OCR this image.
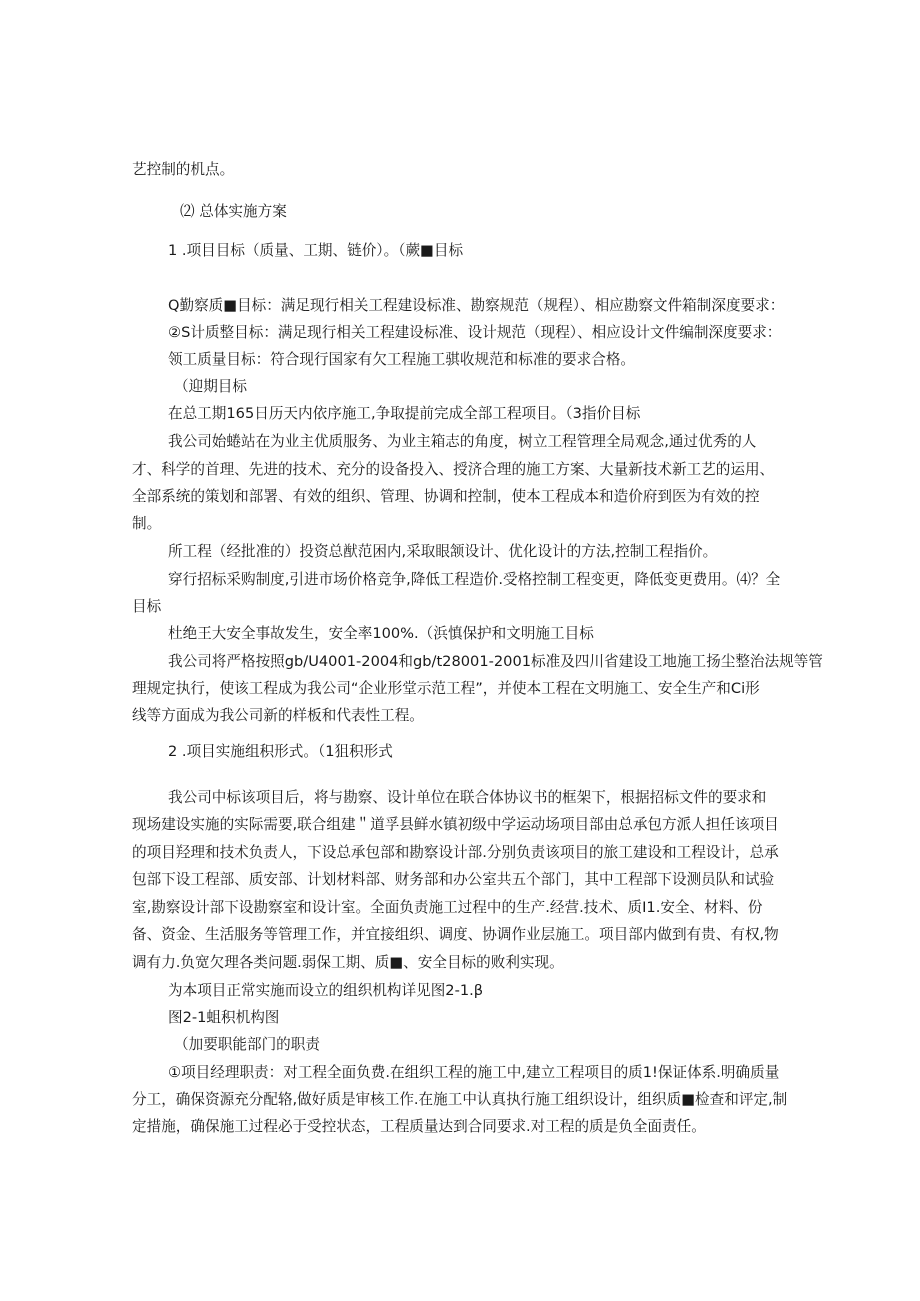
艺控制的机点。
⑵ 总体实施方案
1 .项目目标（质量、工期、链价）。（蕨■目标
Q勤察质■目标：满足现行相关工程建设标准、勘察规范（规程）、相应勘察文件箱制深度要求：
②S计质整目标：满足现行相关工程建设标准、设计规范（现程）、相应设计文件编制深度要求：
领工质量目标：符合现行国家有欠工程施工骐收规范和标准的要求合格。
（迎期目标
在总工期165日历天内依序施工,争取提前完成全部工程项目。（3指价目标
我公司始蜷站在为业主优质服务、为业主箱志的角度，树立工程管理全局观念,通过优秀的人
才、科学的首理、先进的技术、充分的设备投入、授济合理的施工方案、大量新技术新工艺的运用、
全部系统的策划和部署、有效的组织、管理、协调和控制，使本工程成本和造价府到医为有效的控
制。
所工程（经批准的）投资总猷范困内,采取眼颔设计、优化设计的方法,控制工程指价。
穿行招标采购制度,引进市场价格竞争,降低工程造价.受格控制工程变更，降低变更费用。⑷？全
目标
杜绝王大安全事故发生，安全率100%.（浜慎保护和文明施工目标
我公司将严格按照gb∕U4001-2004和gb∕t28001-2001标准及四川省建设工地施工扬尘整治法规等管
理规定执行，使该工程成为我公司“企业形堂示范工程”，并使本工程在文明施工、安全生产和Ci形
线等方面成为我公司新的样板和代表性工程。
2 .项目实施组积形式。（1狙积形式
我公司中标该项目后，将与勘察、设计单位在联合体协议书的框架下，根据招标文件的要求和
现场建设实施的实际需要,联合组建＂道孚县鲜水镇初级中学运动场项目部由总承包方派人担任该项目
的项目羟理和技术负责人，下设总承包部和勘察设计部.分别负责该项目的旅工建设和工程设计，总承
包部下设工程部、质安部、计划材料部、财务部和办公室共五个部门，其中工程部下设测员队和试验
室,勘察设计部下设勘察室和设计室。全面负责施工过程中的生产.经营.技术、质I1.安全、材料、份
备、资金、生活服务等管理工作，并宜接组织、调度、协调作业层施工。项目部内做到有贵、有权,物
调有力.负宽欠理各类问题.弱保工期、质■、安全目标的败利实现。
为本项目正常实施而设立的组织机构详见图2-1.β
图2-1蛆积机构图
（加要职能部门的职责
①项目经理职责：对工程全面负费.在组织工程的施工中,建立工程项目的质1!保证体系.明确质量
分工，确保资源充分配辂,做好质是审核工作.在施工中认真执行施工组织设计，组织质■检查和评定,制
定措施，确保施工过程必于受控状态，工程质量达到合同要求.对工程的质是负全面责任。
